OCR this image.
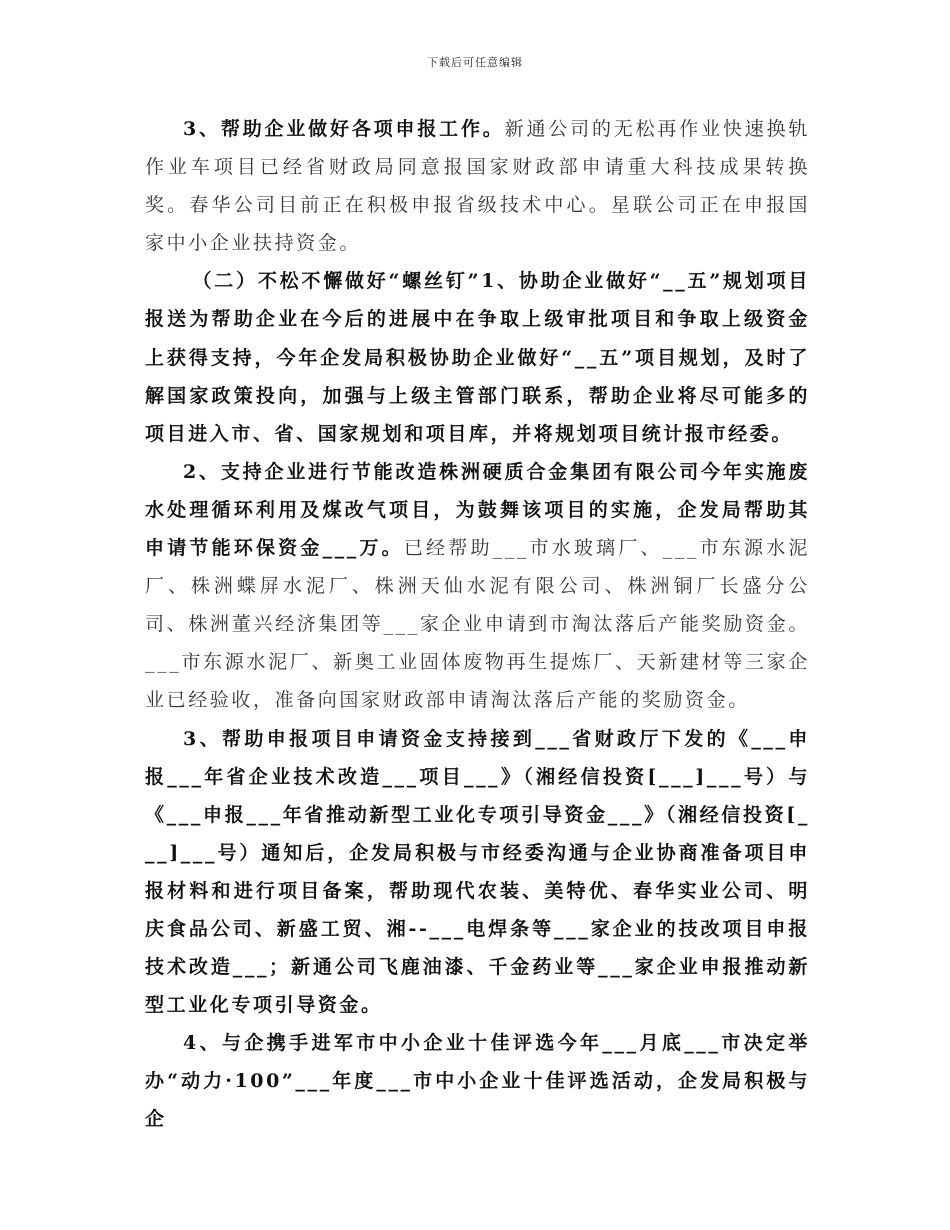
下载后可任意编辑

3、帮助企业做好各项申报工作。新通公司的无松再作业快速换轨作业车项目已经省财政局同意报国家财政部申请重大科技成果转换奖。春华公司目前正在积极申报省级技术中心。星联公司正在申报国家中小企业扶持资金。

（二）不松不懈做好“螺丝钉”1、协助企业做好“__五”规划项目报送为帮助企业在今后的进展中在争取上级审批项目和争取上级资金上获得支持，今年企发局积极协助企业做好“__五”项目规划，及时了解国家政策投向，加强与上级主管部门联系，帮助企业将尽可能多的项目进入市、省、国家规划和项目库，并将规划项目统计报市经委。

2、支持企业进行节能改造株洲硬质合金集团有限公司今年实施废水处理循环利用及煤改气项目，为鼓舞该项目的实施，企发局帮助其申请节能环保资金___万。已经帮助___市水玻璃厂、___市东源水泥厂、株洲蝶屏水泥厂、株洲天仙水泥有限公司、株洲铜厂长盛分公司、株洲董兴经济集团等___家企业申请到市淘汰落后产能奖励资金。___市东源水泥厂、新奥工业固体废物再生提炼厂、天新建材等三家企业已经验收，准备向国家财政部申请淘汰落后产能的奖励资金。

3、帮助申报项目申请资金支持接到___省财政厅下发的《___申报___年省企业技术改造___项目___》（湘经信投资[___]___号）与《___申报___年省推动新型工业化专项引导资金___》（湘经信投资[___]___号）通知后，企发局积极与市经委沟通与企业协商准备项目申报材料和进行项目备案，帮助现代农装、美特优、春华实业公司、明庆食品公司、新盛工贸、湘--___电焊条等___家企业的技改项目申报技术改造___；新通公司飞鹿油漆、千金药业等___家企业申报推动新型工业化专项引导资金。

4、与企携手进军市中小企业十佳评选今年___月底___市决定举办“动力·100”___年度___市中小企业十佳评选活动，企发局积极与企
